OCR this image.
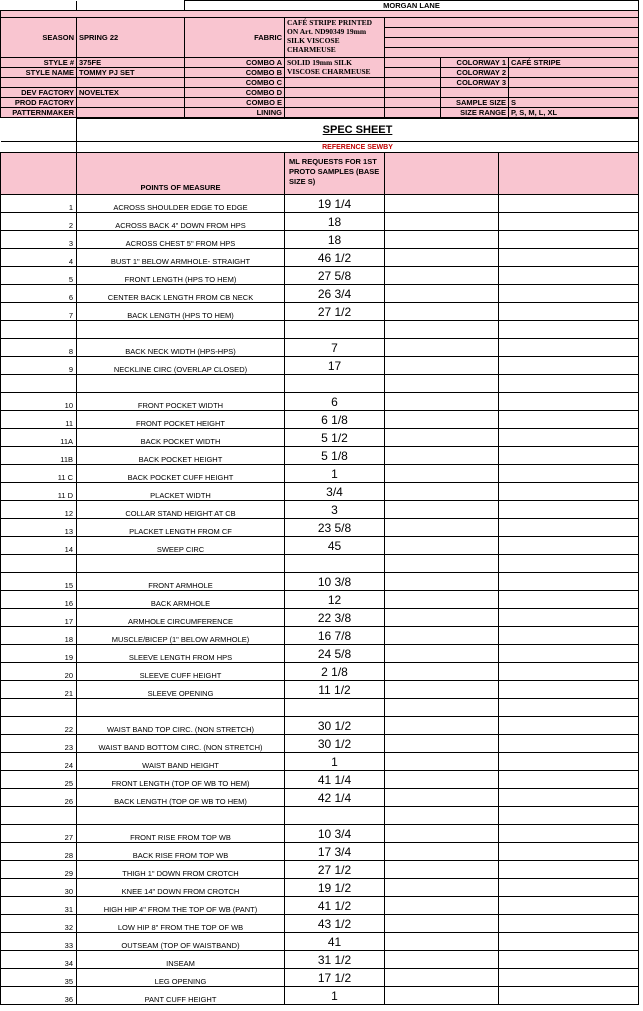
		MORGAN LANE				

SEASON	SPRING 22	FABRIC	CAFÉ STRIPE PRINTED ON Art. ND90349 19mm SILK VISCOSE CHARMEUSE			

STYLE #	375FE	COMBO A	SOLID 19mm SILK VISCOSE CHARMEUSE		COLORWAY 1	CAFÉ STRIPE
STYLE NAME	TOMMY PJ SET	COMBO B			COLORWAY 2	
		COMBO C			COLORWAY 3	
DEV FACTORY	NOVELTEX	COMBO D				
PROD FACTORY		COMBO E			SAMPLE SIZE	S
PATTERNMAKER		LINING			SIZE RANGE	P, S, M, L, XL
	SPEC SHEET			
	REFERENCE SEWBY			
	POINTS OF MEASURE	ML REQUESTS FOR 1ST PROTO SAMPLES (BASE SIZE S)		
1	ACROSS SHOULDER EDGE TO EDGE	19 1/4		
2	ACROSS BACK 4" DOWN FROM HPS	18		
3	ACROSS CHEST 5" FROM HPS	18		
4	BUST 1" BELOW ARMHOLE- STRAIGHT	46 1/2		
5	FRONT LENGTH (HPS TO HEM)	27 5/8		
6	CENTER BACK LENGTH FROM CB NECK	26 3/4		
7	BACK LENGTH (HPS TO HEM)	27 1/2		

8	BACK NECK WIDTH (HPS-HPS)	7		
9	NECKLINE CIRC (OVERLAP CLOSED)	17		

10	FRONT POCKET WIDTH	6		
11	FRONT POCKET HEIGHT	6 1/8		
11A	BACK POCKET WIDTH	5 1/2		
11B	BACK POCKET HEIGHT	5 1/8		
11 C	BACK POCKET CUFF HEIGHT	1		
11 D	PLACKET WIDTH	3/4		
12	COLLAR STAND HEIGHT AT CB	3		
13	PLACKET LENGTH FROM CF	23 5/8		
14	SWEEP CIRC	45		

15	FRONT ARMHOLE	10 3/8		
16	BACK ARMHOLE	12		
17	ARMHOLE CIRCUMFERENCE	22 3/8		
18	MUSCLE/BICEP (1" BELOW ARMHOLE)	16 7/8		
19	SLEEVE LENGTH FROM HPS	24 5/8		
20	SLEEVE CUFF HEIGHT	2 1/8		
21	SLEEVE OPENING	11 1/2		

22	WAIST BAND TOP CIRC. (NON STRETCH)	30 1/2		
23	WAIST BAND BOTTOM CIRC. (NON STRETCH)	30 1/2		
24	WAIST BAND HEIGHT	1		
25	FRONT LENGTH (TOP OF WB TO HEM)	41 1/4		
26	BACK LENGTH (TOP OF WB TO HEM)	42 1/4		

27	FRONT RISE FROM TOP WB	10 3/4		
28	BACK RISE FROM TOP WB	17 3/4		
29	THIGH 1" DOWN FROM CROTCH	27 1/2		
30	KNEE 14" DOWN FROM CROTCH	19 1/2		
31	HIGH HIP 4" FROM THE TOP OF WB (PANT)	41 1/2		
32	LOW HIP 8" FROM THE TOP OF WB	43 1/2		
33	OUTSEAM (TOP OF WAISTBAND)	41		
34	INSEAM	31 1/2		
35	LEG OPENING	17 1/2		
36	PANT CUFF HEIGHT	1		
